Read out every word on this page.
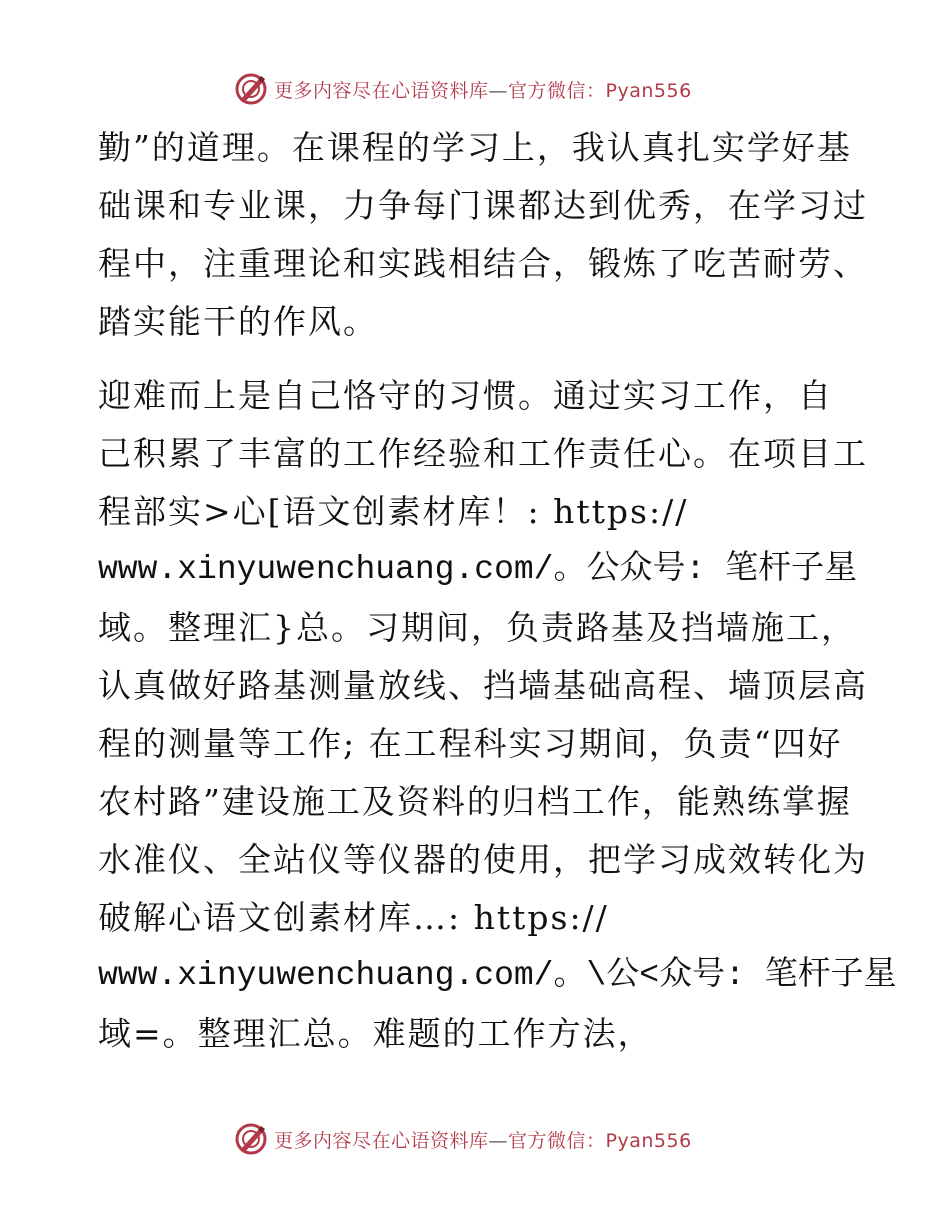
更多内容尽在心语资料库—官方微信：Pyan556
勤”的道理。在课程的学习上，我认真扎实学好基
础课和专业课，力争每门课都达到优秀，在学习过
程中，注重理论和实践相结合，锻炼了吃苦耐劳、
踏实能干的作风。
迎难而上是自己恪守的习惯。通过实习工作，自
己积累了丰富的工作经验和工作责任心。在项目工
程部实>心[语文创素材库！: https://
www.xinyuwenchuang.com/。公众号: 笔杆子星
域。整理汇}总。习期间，负责路基及挡墙施工，
认真做好路基测量放线、挡墙基础高程、墙顶层高
程的测量等工作; 在工程科实习期间，负责“四好
农村路”建设施工及资料的归档工作，能熟练掌握
水准仪、全站仪等仪器的使用，把学习成效转化为
破解心语文创素材库…: https://
www.xinyuwenchuang.com/。\公<众号: 笔杆子星
域=。整理汇总。难题的工作方法，
更多内容尽在心语资料库—官方微信：Pyan556
